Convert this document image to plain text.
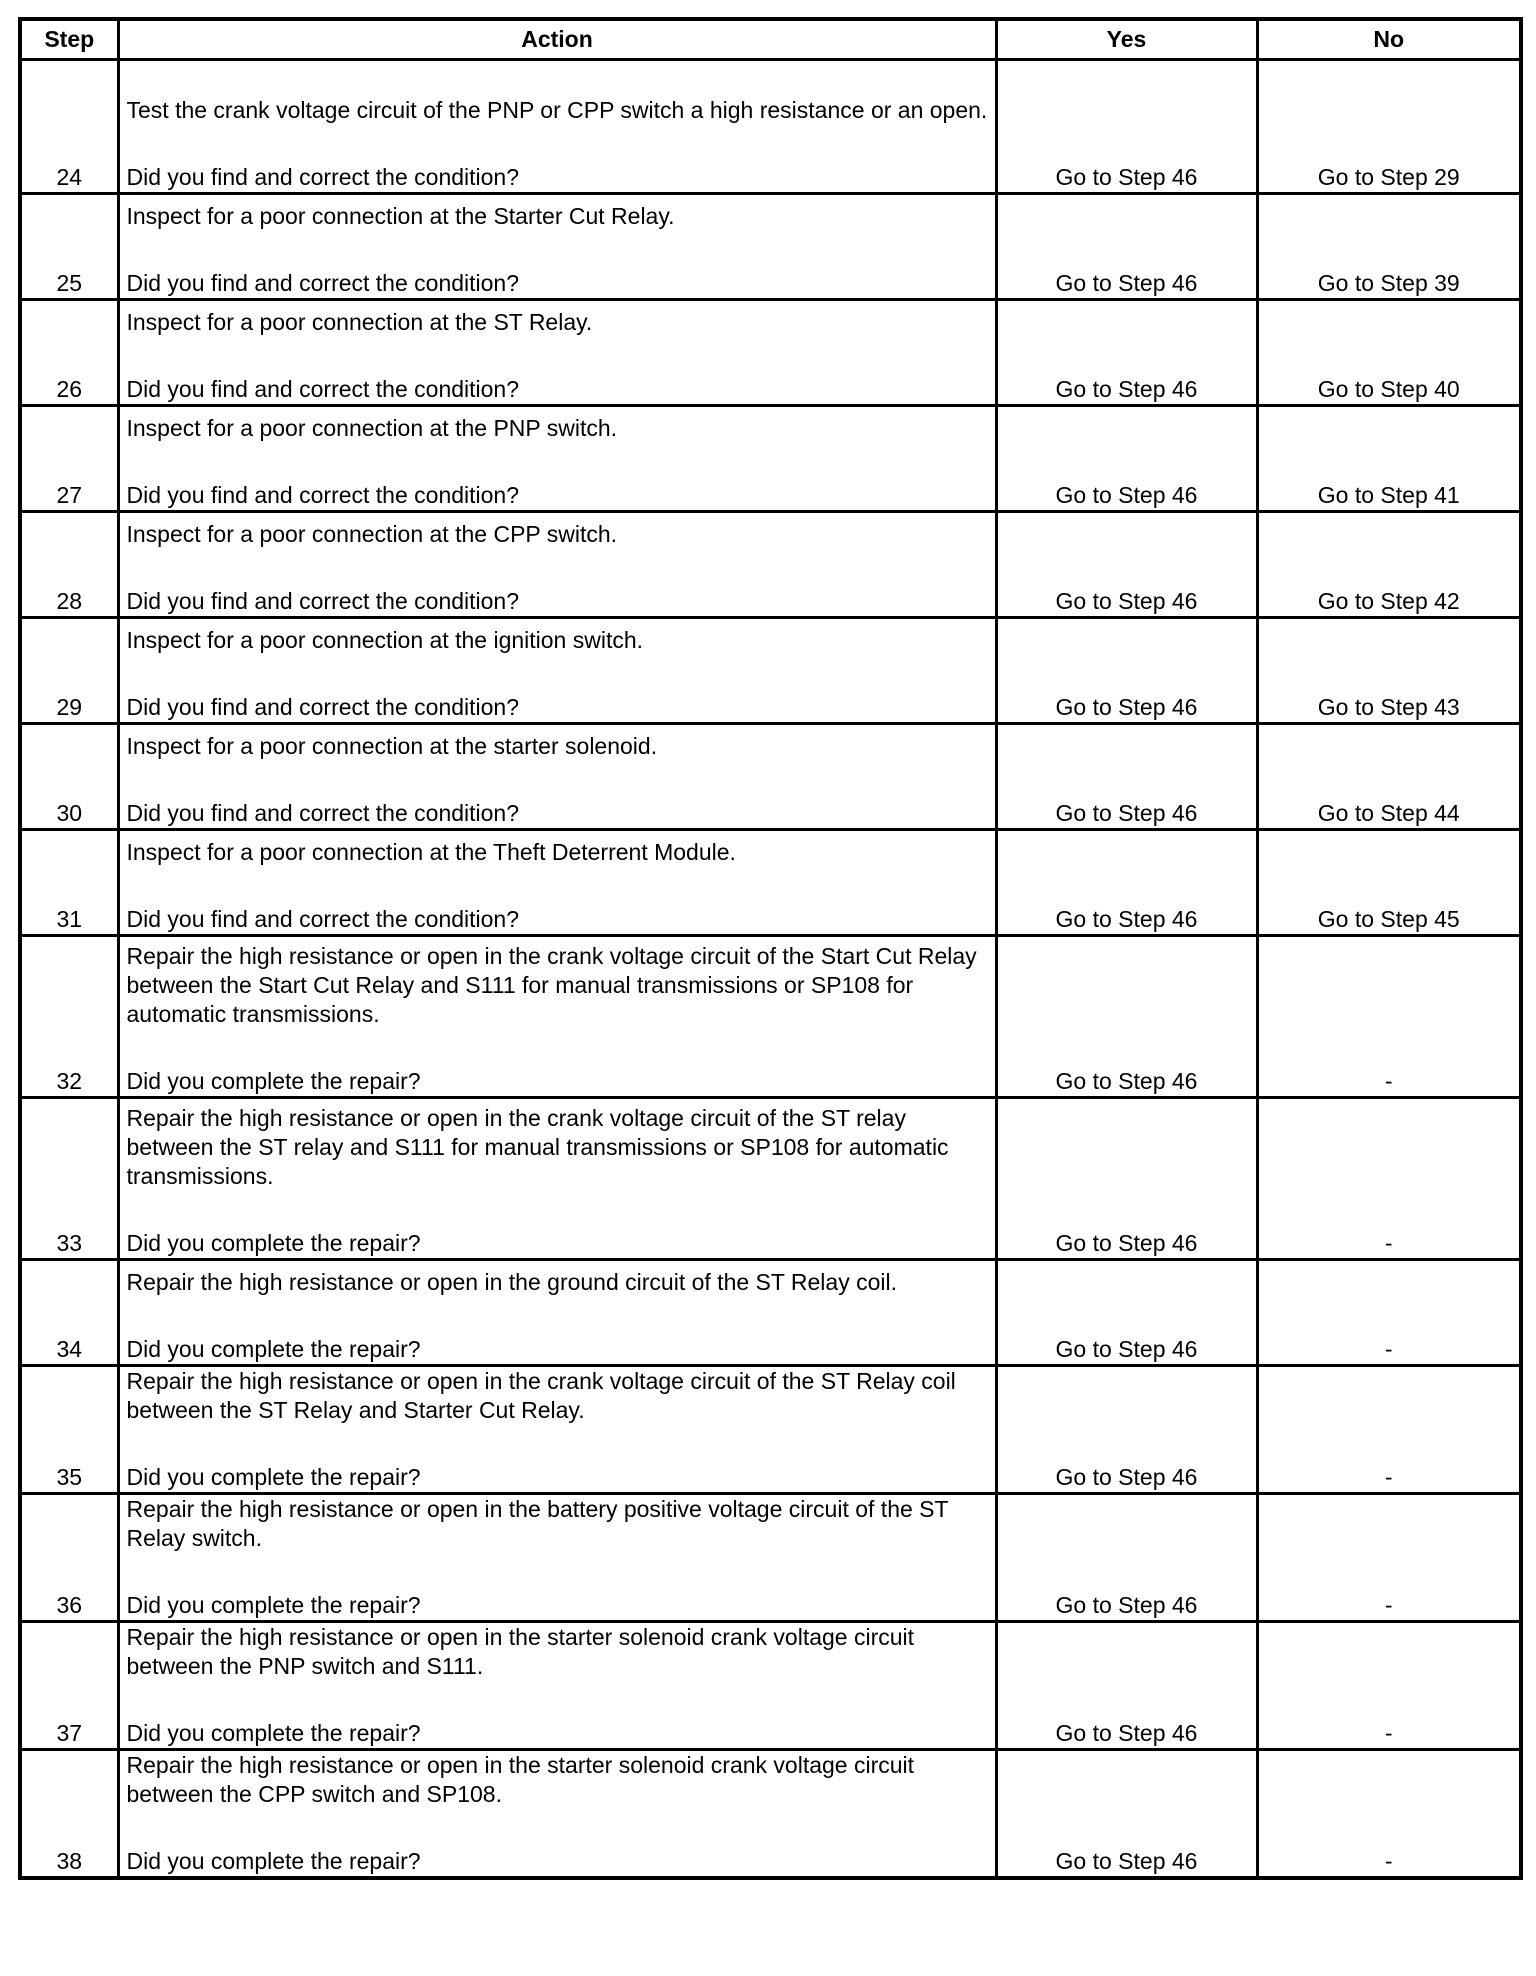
Step	Action	Yes	No
24	Test the crank voltage circuit of the PNP or CPP switch a high resistance or an open.
Did you find and correct the condition?	Go to Step 46	Go to Step 29
25	Inspect for a poor connection at the Starter Cut Relay.
Did you find and correct the condition?	Go to Step 46	Go to Step 39
26	Inspect for a poor connection at the ST Relay.
Did you find and correct the condition?	Go to Step 46	Go to Step 40
27	Inspect for a poor connection at the PNP switch.
Did you find and correct the condition?	Go to Step 46	Go to Step 41
28	Inspect for a poor connection at the CPP switch.
Did you find and correct the condition?	Go to Step 46	Go to Step 42
29	Inspect for a poor connection at the ignition switch.
Did you find and correct the condition?	Go to Step 46	Go to Step 43
30	Inspect for a poor connection at the starter solenoid.
Did you find and correct the condition?	Go to Step 46	Go to Step 44
31	Inspect for a poor connection at the Theft Deterrent Module.
Did you find and correct the condition?	Go to Step 46	Go to Step 45
32	Repair the high resistance or open in the crank voltage circuit of the Start Cut Relay between the Start Cut Relay and S111 for manual transmissions or SP108 for automatic transmissions.
Did you complete the repair?	Go to Step 46	-
33	Repair the high resistance or open in the crank voltage circuit of the ST relay between the ST relay and S111 for manual transmissions or SP108 for automatic transmissions.
Did you complete the repair?	Go to Step 46	-
34	Repair the high resistance or open in the ground circuit of the ST Relay coil.
Did you complete the repair?	Go to Step 46	-
35	Repair the high resistance or open in the crank voltage circuit of the ST Relay coil between the ST Relay and Starter Cut Relay.
Did you complete the repair?	Go to Step 46	-
36	Repair the high resistance or open in the battery positive voltage circuit of the ST Relay switch.
Did you complete the repair?	Go to Step 46	-
37	Repair the high resistance or open in the starter solenoid crank voltage circuit between the PNP switch and S111.
Did you complete the repair?	Go to Step 46	-
38	Repair the high resistance or open in the starter solenoid crank voltage circuit between the CPP switch and SP108.
Did you complete the repair?	Go to Step 46	-
